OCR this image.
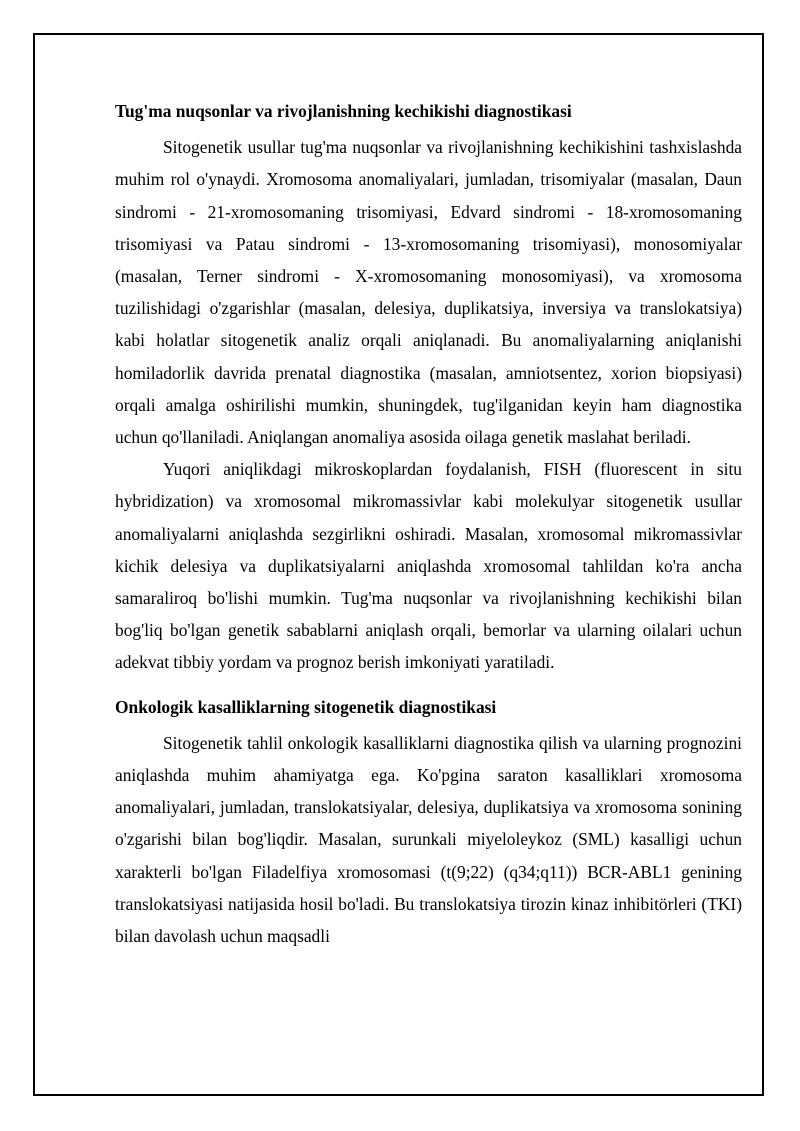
Tug'ma nuqsonlar va rivojlanishning kechikishi diagnostikasi

Sitogenetik usullar tug'ma nuqsonlar va rivojlanishning kechikishini tashxislashda muhim rol o'ynaydi. Xromosoma anomaliyalari, jumladan, trisomiyalar (masalan, Daun sindromi - 21-xromosomaning trisomiyasi, Edvard sindromi - 18-xromosomaning trisomiyasi va Patau sindromi - 13-xromosomaning trisomiyasi), monosomiyalar (masalan, Terner sindromi - X-xromosomaning monosomiyasi), va xromosoma tuzilishidagi o'zgarishlar (masalan, delesiya, duplikatsiya, inversiya va translokatsiya) kabi holatlar sitogenetik analiz orqali aniqlanadi. Bu anomaliyalarning aniqlanishi homiladorlik davrida prenatal diagnostika (masalan, amniotsentez, xorion biopsiyasi) orqali amalga oshirilishi mumkin, shuningdek, tug'ilganidan keyin ham diagnostika uchun qo'llaniladi. Aniqlangan anomaliya asosida oilaga genetik maslahat beriladi.

Yuqori aniqlikdagi mikroskoplardan foydalanish, FISH (fluorescent in situ hybridization) va xromosomal mikromassivlar kabi molekulyar sitogenetik usullar anomaliyalarni aniqlashda sezgirlikni oshiradi. Masalan, xromosomal mikromassivlar kichik delesiya va duplikatsiyalarni aniqlashda xromosomal tahlildan ko'ra ancha samaraliroq bo'lishi mumkin. Tug'ma nuqsonlar va rivojlanishning kechikishi bilan bog'liq bo'lgan genetik sabablarni aniqlash orqali, bemorlar va ularning oilalari uchun adekvat tibbiy yordam va prognoz berish imkoniyati yaratiladi.

Onkologik kasalliklarning sitogenetik diagnostikasi

Sitogenetik tahlil onkologik kasalliklarni diagnostika qilish va ularning prognozini aniqlashda muhim ahamiyatga ega. Ko'pgina saraton kasalliklari xromosoma anomaliyalari, jumladan, translokatsiyalar, delesiya, duplikatsiya va xromosoma sonining o'zgarishi bilan bog'liqdir. Masalan, surunkali miyeloleykoz (SML) kasalligi uchun xarakterli bo'lgan Filadelfiya xromosomasi (t(9;22) (q34;q11)) BCR-ABL1 genining translokatsiyasi natijasida hosil bo'ladi. Bu translokatsiya tirozin kinaz inhibitörleri (TKI) bilan davolash uchun maqsadli
